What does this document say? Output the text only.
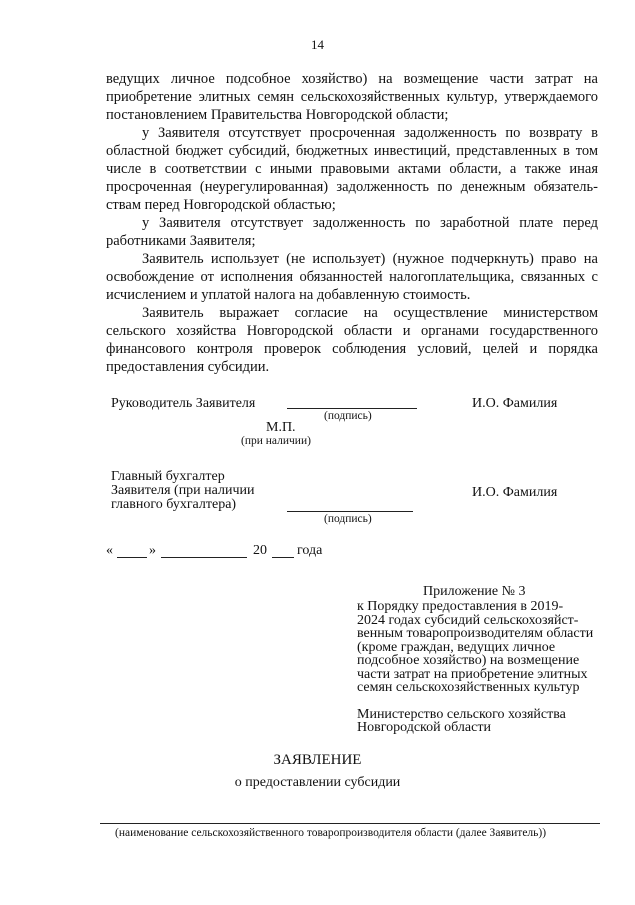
14

ведущих личное подсобное хозяйство) на возмещение части затрат на приобретение элитных семян сельскохозяйственных культур, утверждаемого постановлением Правительства Новгородской области;

у Заявителя отсутствует просроченная задолженность по возврату в областной бюджет субсидий, бюджетных инвестиций, представленных в том числе в соответствии с иными правовыми актами области, а также иная просроченная (неурегулированная) задолженность по денежным обязательствам перед Новгородской областью;

у Заявителя отсутствует задолженность по заработной плате перед работниками Заявителя;

Заявитель использует (не использует) (нужное подчеркнуть) право на освобождение от исполнения обязанностей налогоплательщика, связанных с исчислением и уплатой налога на добавленную стоимость.

Заявитель выражает согласие на осуществление министерством сельского хозяйства Новгородской области и органами государственного финансового контроля проверок соблюдения условий, целей и порядка предоставления субсидии.

Руководитель Заявителя
(подпись)
И.О. Фамилия
М.П.
(при наличии)
Главный бухгалтер
Заявителя (при наличии
главного бухгалтера)
(подпись)
И.О. Фамилия
«	»	20 года
Приложение № 3
к Порядку предоставления в 2019-
2024 годах субсидий сельскохозяйст-
венным товаропроизводителям области
(кроме граждан, ведущих личное
подсобное хозяйство) на возмещение
части затрат на приобретение элитных
семян сельскохозяйственных культур
Министерство сельского хозяйства
Новгородской области
ЗАЯВЛЕНИЕ
о предоставлении субсидии
(наименование сельскохозяйственного товаропроизводителя области (далее Заявитель))
